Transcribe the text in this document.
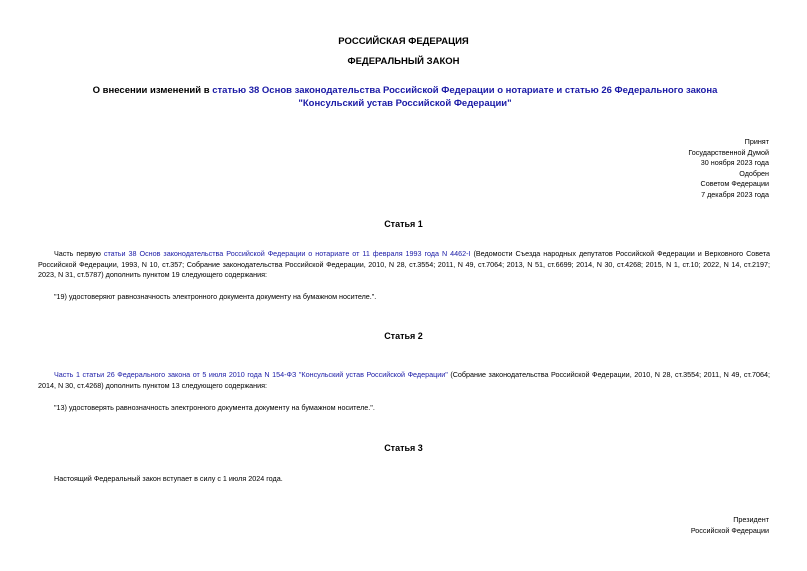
РОССИЙСКАЯ ФЕДЕРАЦИЯ
ФЕДЕРАЛЬНЫЙ ЗАКОН
О внесении изменений в статью 38 Основ законодательства Российской Федерации о нотариате и статью 26 Федерального закона "Консульский устав Российской Федерации"
Принят
Государственной Думой
30 ноября 2023 года
Одобрен
Советом Федерации
7 декабря 2023 года
Статья 1
Часть первую статьи 38 Основ законодательства Российской Федерации о нотариате от 11 февраля 1993 года N 4462-I (Ведомости Съезда народных депутатов Российской Федерации и Верховного Совета Российской Федерации, 1993, N 10, ст.357; Собрание законодательства Российской Федерации, 2010, N 28, ст.3554; 2011, N 49, ст.7064; 2013, N 51, ст.6699; 2014, N 30, ст.4268; 2015, N 1, ст.10; 2022, N 14, ст.2197; 2023, N 31, ст.5787) дополнить пунктом 19 следующего содержания:
"19) удостоверяют равнозначность электронного документа документу на бумажном носителе.".
Статья 2
Часть 1 статьи 26 Федерального закона от 5 июля 2010 года N 154-ФЗ "Консульский устав Российской Федерации" (Собрание законодательства Российской Федерации, 2010, N 28, ст.3554; 2011, N 49, ст.7064; 2014, N 30, ст.4268) дополнить пунктом 13 следующего содержания:
"13) удостоверять равнозначность электронного документа документу на бумажном носителе.".
Статья 3
Настоящий Федеральный закон вступает в силу с 1 июля 2024 года.
Президент
Российской Федерации
